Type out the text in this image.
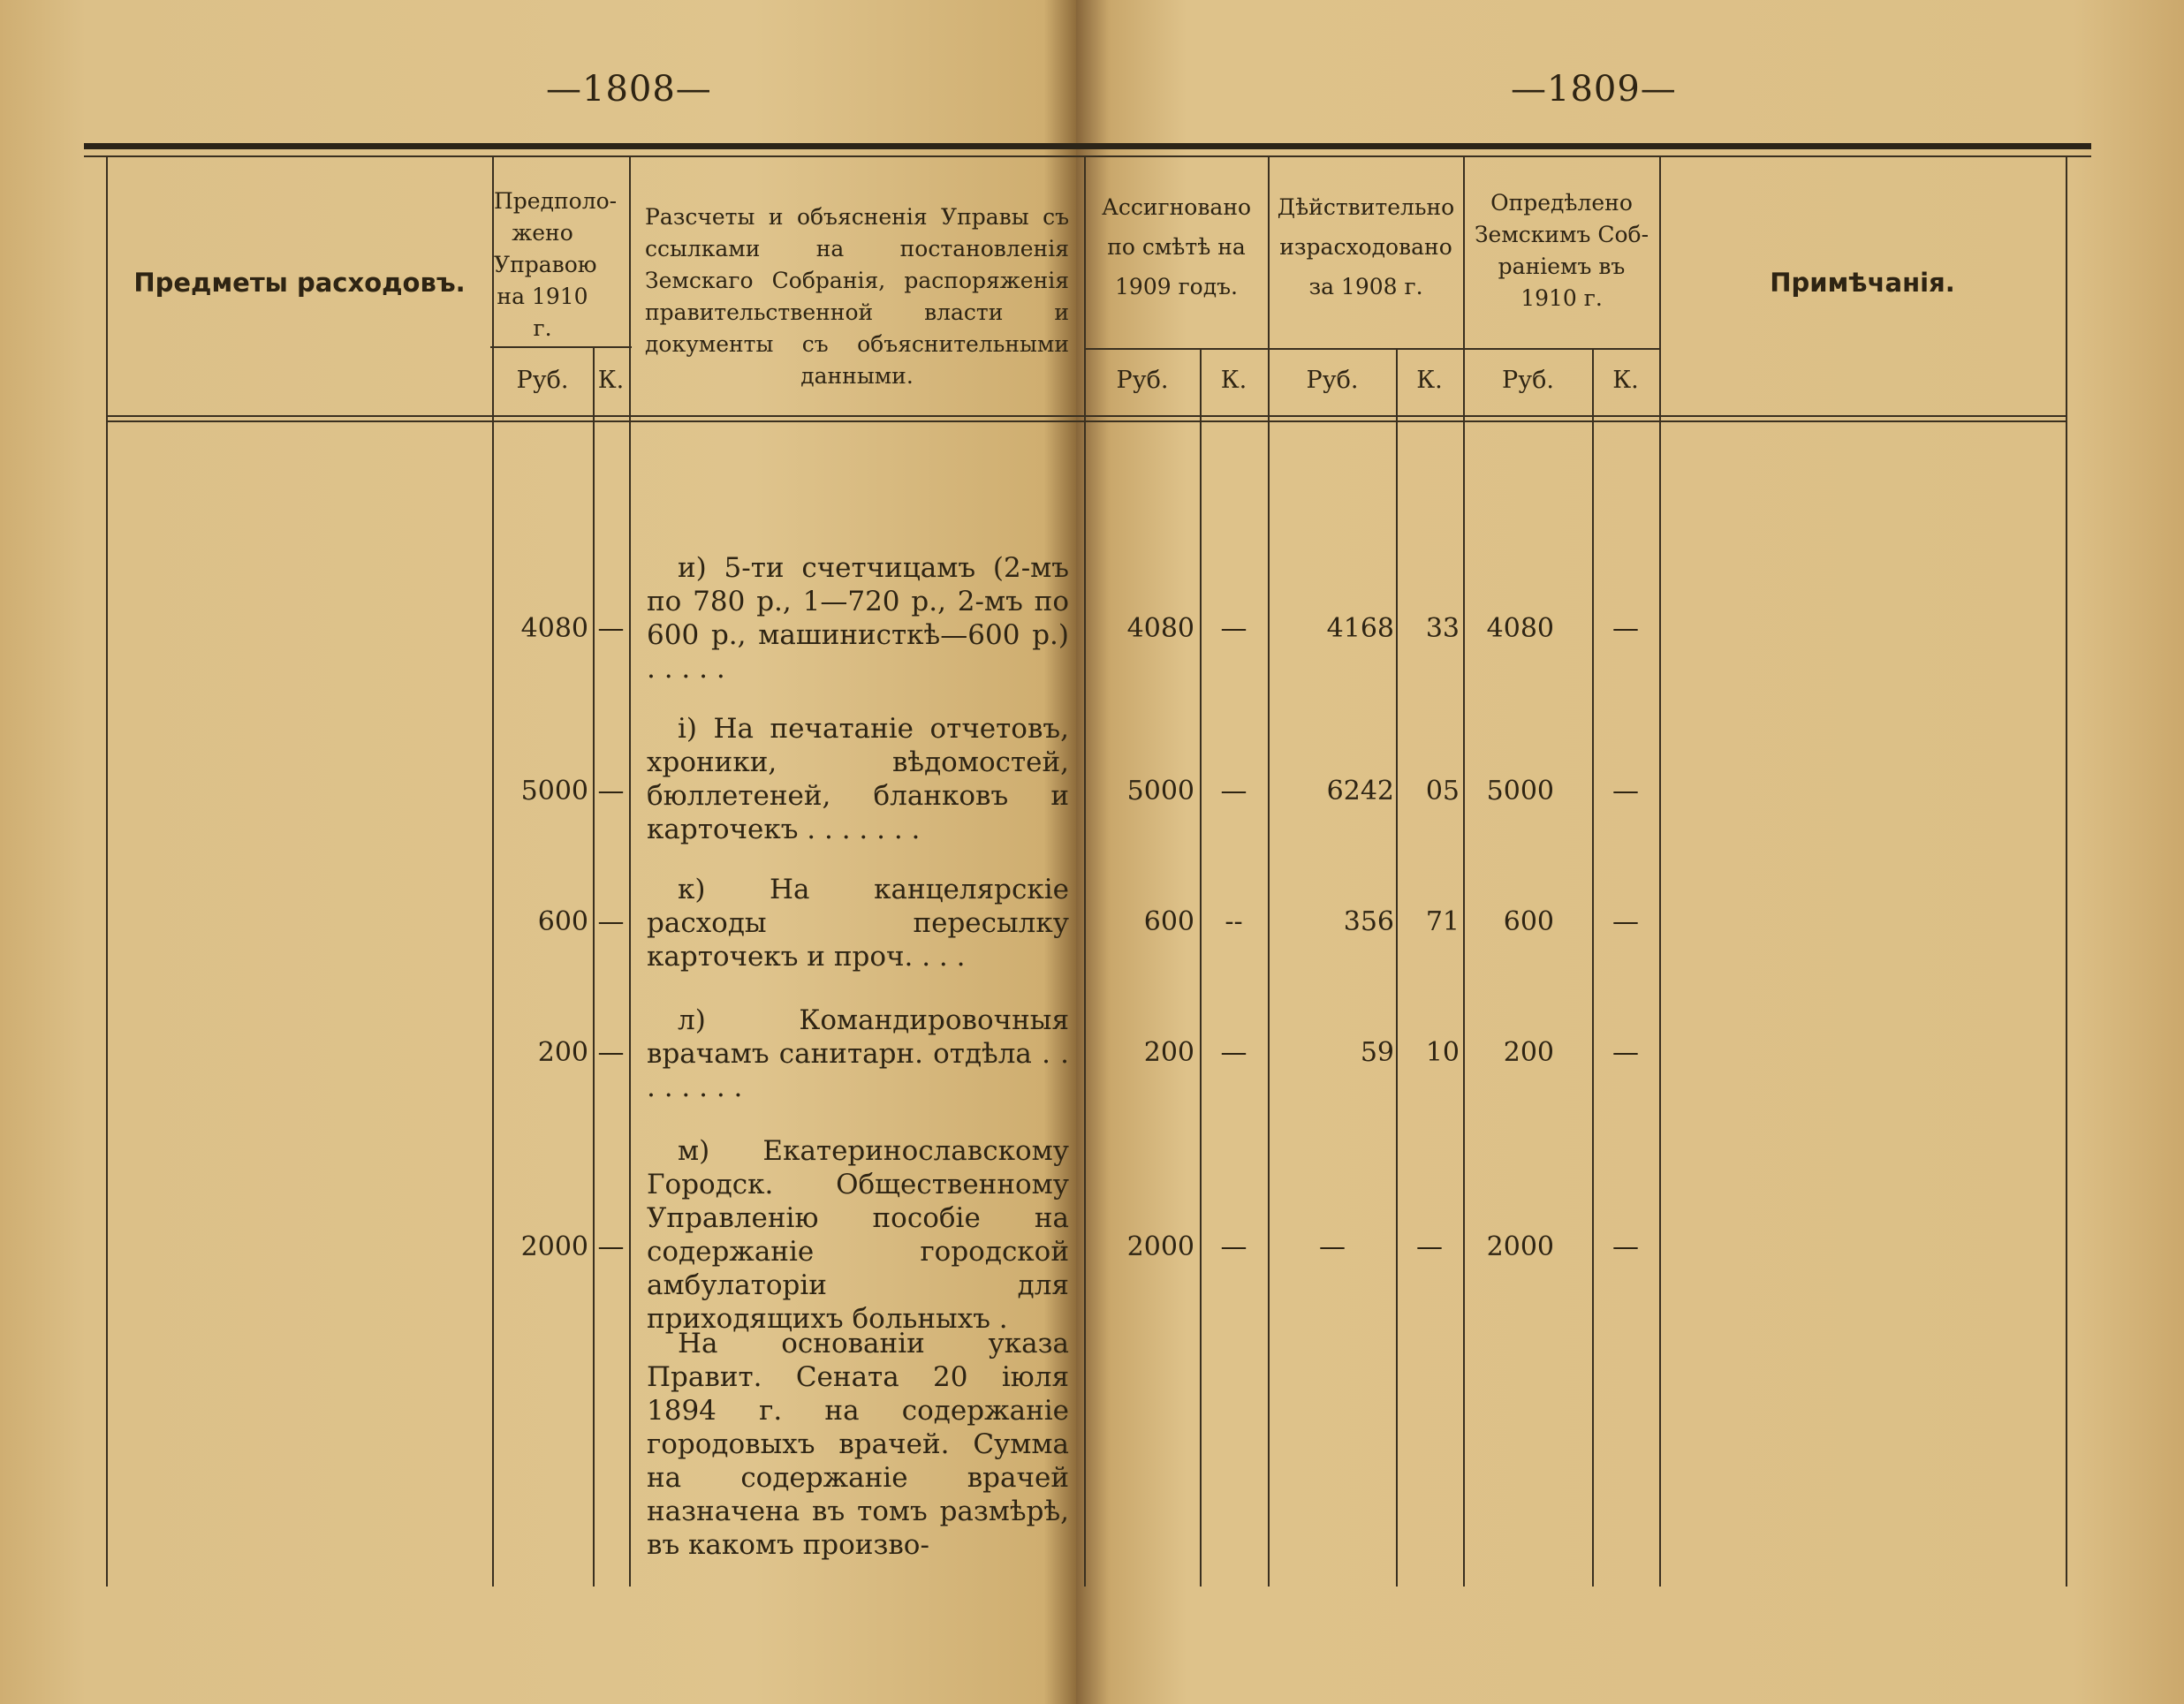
—1808—	—1809—
Предметы расходовъ.
Предполо-
жено
Управою
на 1910 г.
Разсчеты и объясненія Управы съ ссылками на постановленія Земскаго Собранія, распоряженія правительственной власти и документы съ объяснительными данными.
Ассигновано
по смѣтѣ на
1909 годъ.
Дѣйствительно
израсходовано
за 1908 г.
Опредѣлено
Земскимъ Соб-
раніемъ въ
1910 г.
Примѣчанія.
Руб.	К.	Руб.	К.	Руб.	К.	Руб.	К.
и) 5-ти счетчицамъ (2-мъ по 780 р., 1—720 р., 2-мъ по 600 р., машинисткѣ—600 р.) . . . . .
4080 —	4080 —	4168	33	4080	—
і) На печатаніе отчетовъ, хроники, вѣдомостей, бюллетеней, бланковъ и карточекъ . . . . . . .
5000 —	5000 —	6242	05	5000	—
к) На канцелярскіе расходы пересылку карточекъ и проч. . . .
600 —	600	--	356	71	600	—
л) Командировочныя врачамъ санитарн. отдѣла . . . . . . . .
200 —	200 —	59	10	200	—
м) Екатеринославскому Городск. Общественному Управленію пособіе на содержаніе городской амбулаторіи для приходящихъ больныхъ .
2000 —	2000 —	—	—	2000	—
На основаніи указа Правит. Сената 20 іюля 1894 г. на содержаніе городовыхъ врачей. Сумма на содержаніе врачей назначена въ томъ размѣрѣ, въ какомъ произво-
